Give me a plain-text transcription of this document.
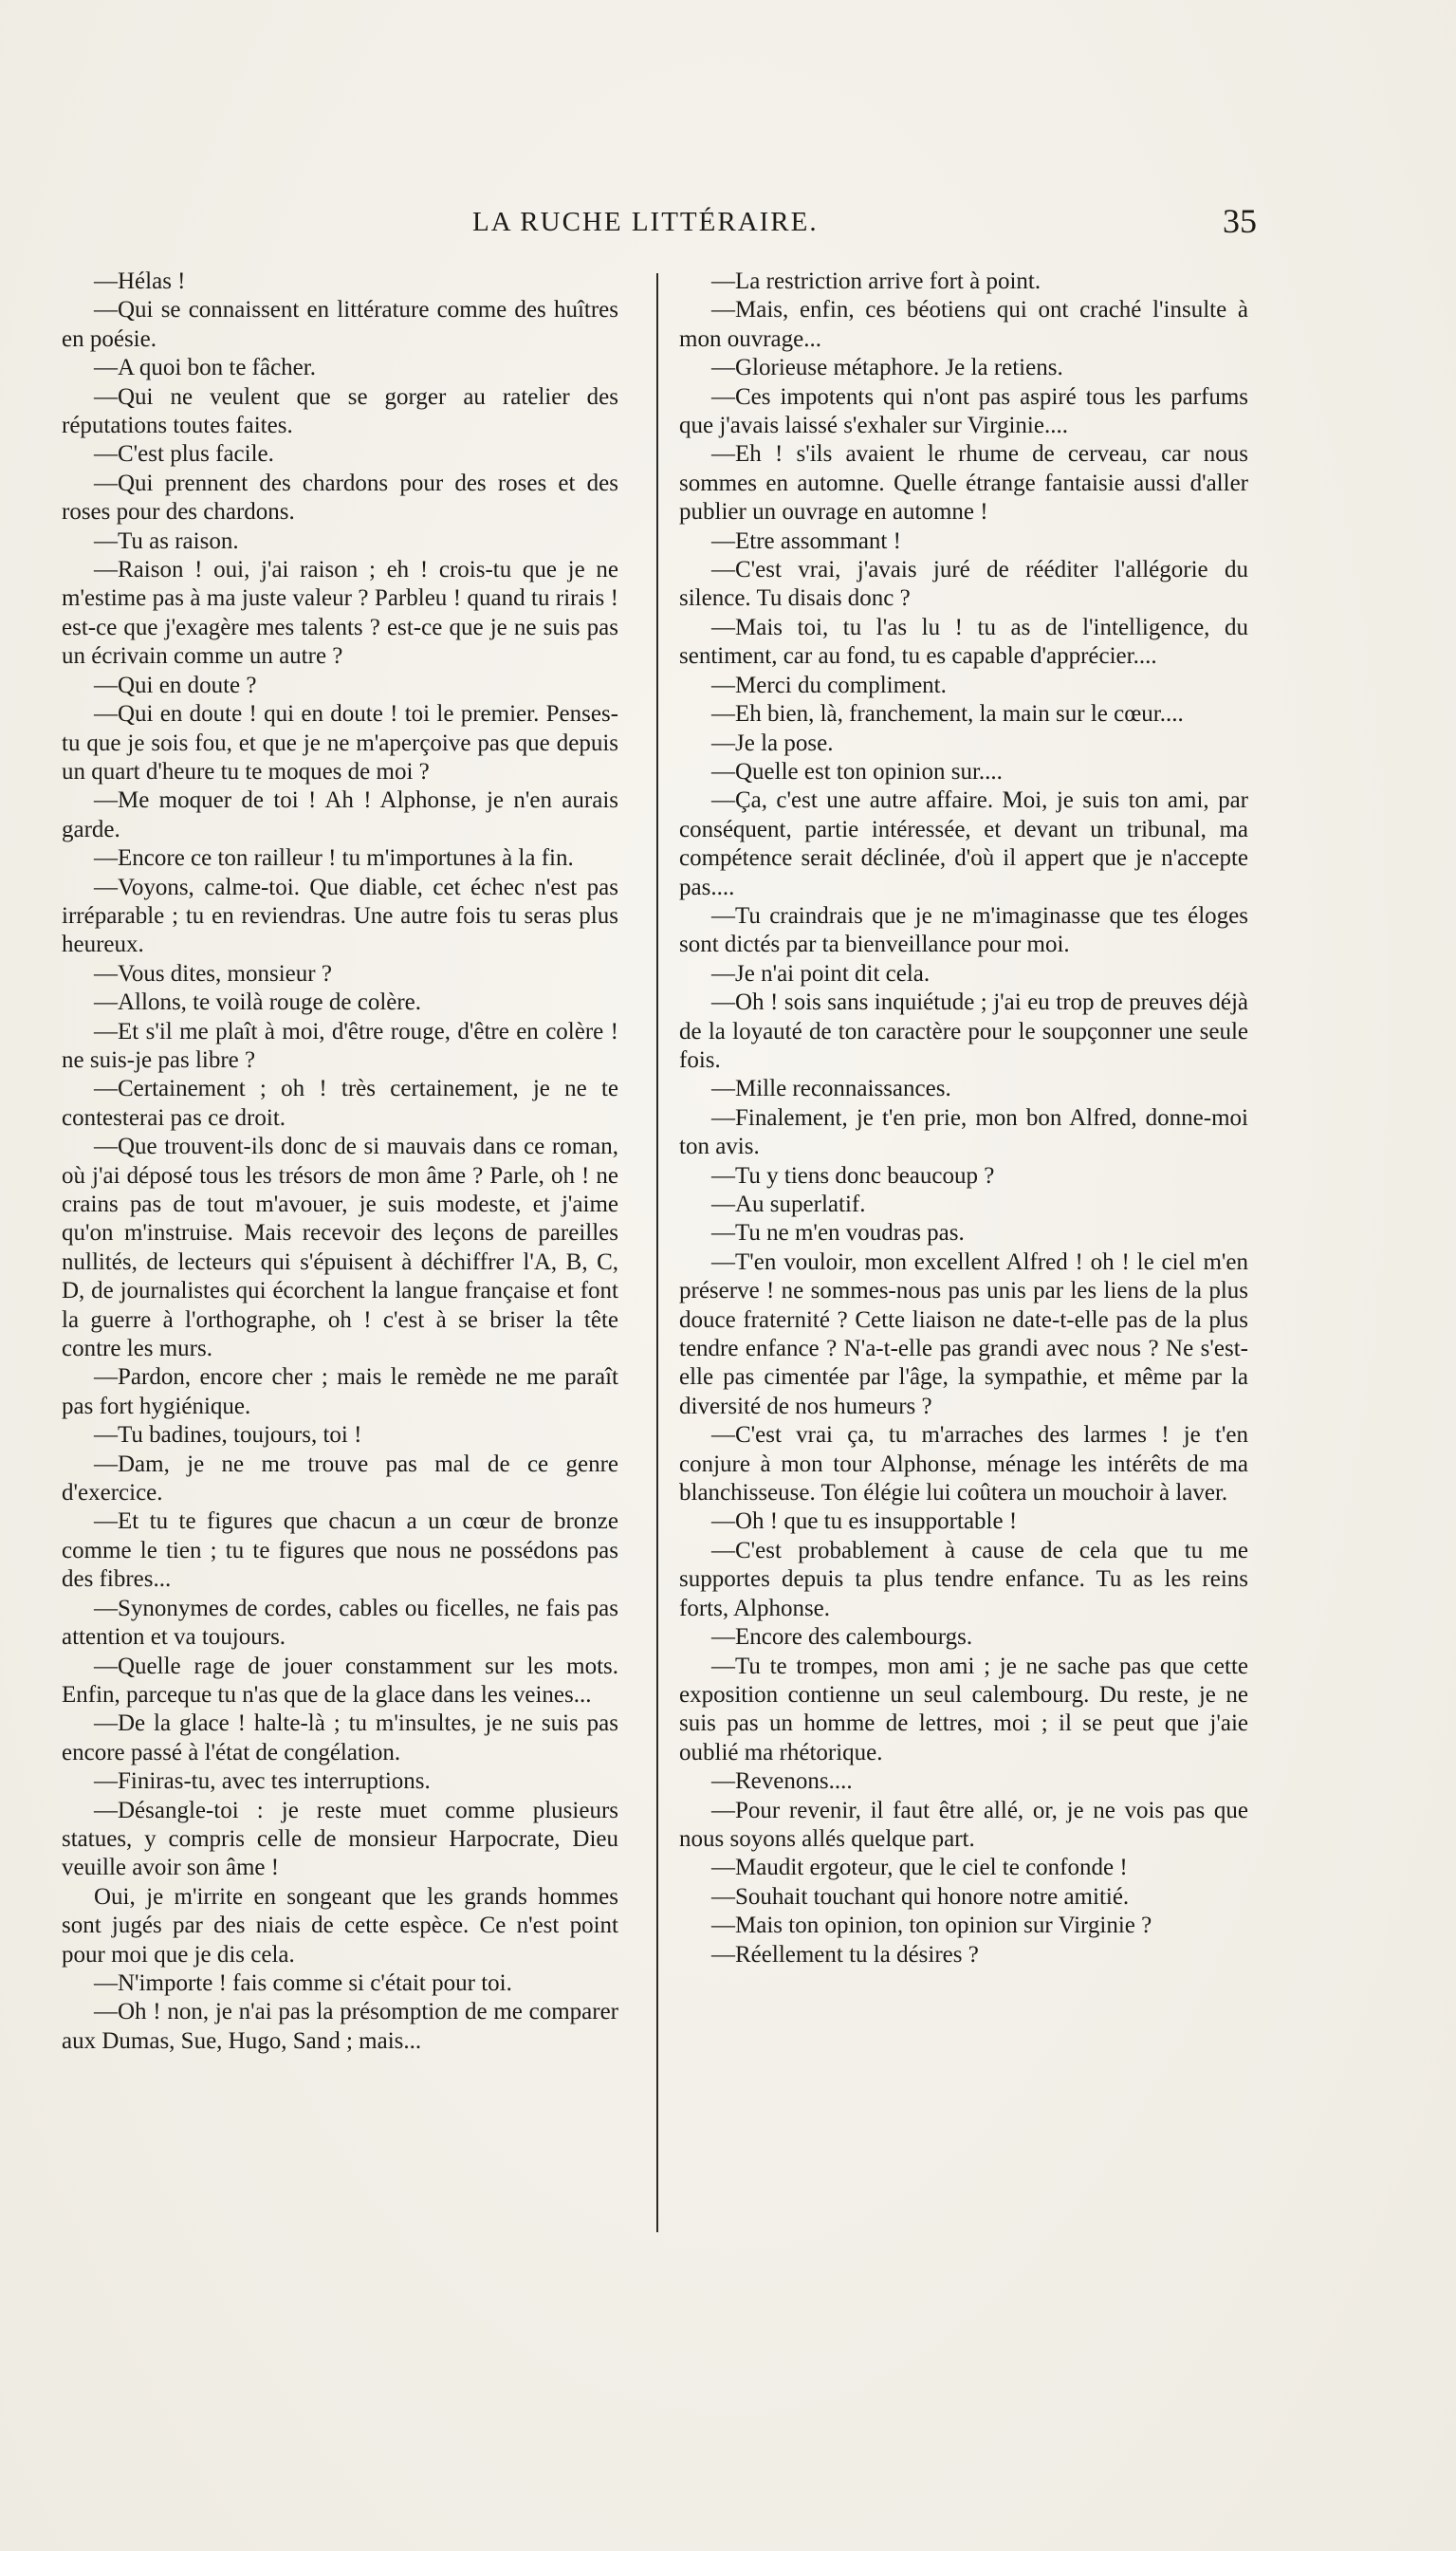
LA RUCHE LITTÉRAIRE.	35

—Hélas !

—Qui se connaissent en littérature comme des huîtres en poésie.

—A quoi bon te fâcher.

—Qui ne veulent que se gorger au ratelier des réputations toutes faites.

—C'est plus facile.

—Qui prennent des chardons pour des roses et des roses pour des chardons.

—Tu as raison.

—Raison ! oui, j'ai raison ; eh ! crois-tu que je ne m'estime pas à ma juste valeur ? Parbleu ! quand tu rirais ! est-ce que j'exagère mes talents ? est-ce que je ne suis pas un écrivain comme un autre ?

—Qui en doute ?

—Qui en doute ! qui en doute ! toi le premier. Penses-tu que je sois fou, et que je ne m'aperçoive pas que depuis un quart d'heure tu te moques de moi ?

—Me moquer de toi ! Ah ! Alphonse, je n'en aurais garde.

—Encore ce ton railleur ! tu m'importunes à la fin.

—Voyons, calme-toi. Que diable, cet échec n'est pas irréparable ; tu en reviendras. Une autre fois tu seras plus heureux.

—Vous dites, monsieur ?

—Allons, te voilà rouge de colère.

—Et s'il me plaît à moi, d'être rouge, d'être en colère ! ne suis-je pas libre ?

—Certainement ; oh ! très certainement, je ne te contesterai pas ce droit.

—Que trouvent-ils donc de si mauvais dans ce roman, où j'ai déposé tous les trésors de mon âme ? Parle, oh ! ne crains pas de tout m'avouer, je suis modeste, et j'aime qu'on m'instruise. Mais recevoir des leçons de pareilles nullités, de lecteurs qui s'épuisent à déchiffrer l'A, B, C, D, de journalistes qui écorchent la langue française et font la guerre à l'orthographe, oh ! c'est à se briser la tête contre les murs.

—Pardon, encore cher ; mais le remède ne me paraît pas fort hygiénique.

—Tu badines, toujours, toi !

—Dam, je ne me trouve pas mal de ce genre d'exercice.

—Et tu te figures que chacun a un cœur de bronze comme le tien ; tu te figures que nous ne possédons pas des fibres...

—Synonymes de cordes, cables ou ficelles, ne fais pas attention et va toujours.

—Quelle rage de jouer constamment sur les mots. Enfin, parceque tu n'as que de la glace dans les veines...

—De la glace ! halte-là ; tu m'insultes, je ne suis pas encore passé à l'état de congélation.

—Finiras-tu, avec tes interruptions.

—Désangle-toi : je reste muet comme plusieurs statues, y compris celle de monsieur Harpocrate, Dieu veuille avoir son âme !

Oui, je m'irrite en songeant que les grands hommes sont jugés par des niais de cette espèce. Ce n'est point pour moi que je dis cela.

—N'importe ! fais comme si c'était pour toi.

—Oh ! non, je n'ai pas la présomption de me comparer aux Dumas, Sue, Hugo, Sand ; mais...

—La restriction arrive fort à point.

—Mais, enfin, ces béotiens qui ont craché l'insulte à mon ouvrage...

—Glorieuse métaphore. Je la retiens.

—Ces impotents qui n'ont pas aspiré tous les parfums que j'avais laissé s'exhaler sur Virginie....

—Eh ! s'ils avaient le rhume de cerveau, car nous sommes en automne. Quelle étrange fantaisie aussi d'aller publier un ouvrage en automne !

—Etre assommant !

—C'est vrai, j'avais juré de rééditer l'allégorie du silence. Tu disais donc ?

—Mais toi, tu l'as lu ! tu as de l'intelligence, du sentiment, car au fond, tu es capable d'apprécier....

—Merci du compliment.

—Eh bien, là, franchement, la main sur le cœur....

—Je la pose.

—Quelle est ton opinion sur....

—Ça, c'est une autre affaire. Moi, je suis ton ami, par conséquent, partie intéressée, et devant un tribunal, ma compétence serait déclinée, d'où il appert que je n'accepte pas....

—Tu craindrais que je ne m'imaginasse que tes éloges sont dictés par ta bienveillance pour moi.

—Je n'ai point dit cela.

—Oh ! sois sans inquiétude ; j'ai eu trop de preuves déjà de la loyauté de ton caractère pour le soupçonner une seule fois.

—Mille reconnaissances.

—Finalement, je t'en prie, mon bon Alfred, donne-moi ton avis.

—Tu y tiens donc beaucoup ?

—Au superlatif.

—Tu ne m'en voudras pas.

—T'en vouloir, mon excellent Alfred ! oh ! le ciel m'en préserve ! ne sommes-nous pas unis par les liens de la plus douce fraternité ? Cette liaison ne date-t-elle pas de la plus tendre enfance ? N'a-t-elle pas grandi avec nous ? Ne s'est-elle pas cimentée par l'âge, la sympathie, et même par la diversité de nos humeurs ?

—C'est vrai ça, tu m'arraches des larmes ! je t'en conjure à mon tour Alphonse, ménage les intérêts de ma blanchisseuse. Ton élégie lui coûtera un mouchoir à laver.

—Oh ! que tu es insupportable !

—C'est probablement à cause de cela que tu me supportes depuis ta plus tendre enfance. Tu as les reins forts, Alphonse.

—Encore des calembourgs.

—Tu te trompes, mon ami ; je ne sache pas que cette exposition contienne un seul calembourg. Du reste, je ne suis pas un homme de lettres, moi ; il se peut que j'aie oublié ma rhétorique.

—Revenons....

—Pour revenir, il faut être allé, or, je ne vois pas que nous soyons allés quelque part.

—Maudit ergoteur, que le ciel te confonde !

—Souhait touchant qui honore notre amitié.

—Mais ton opinion, ton opinion sur Virginie ?

—Réellement tu la désires ?
